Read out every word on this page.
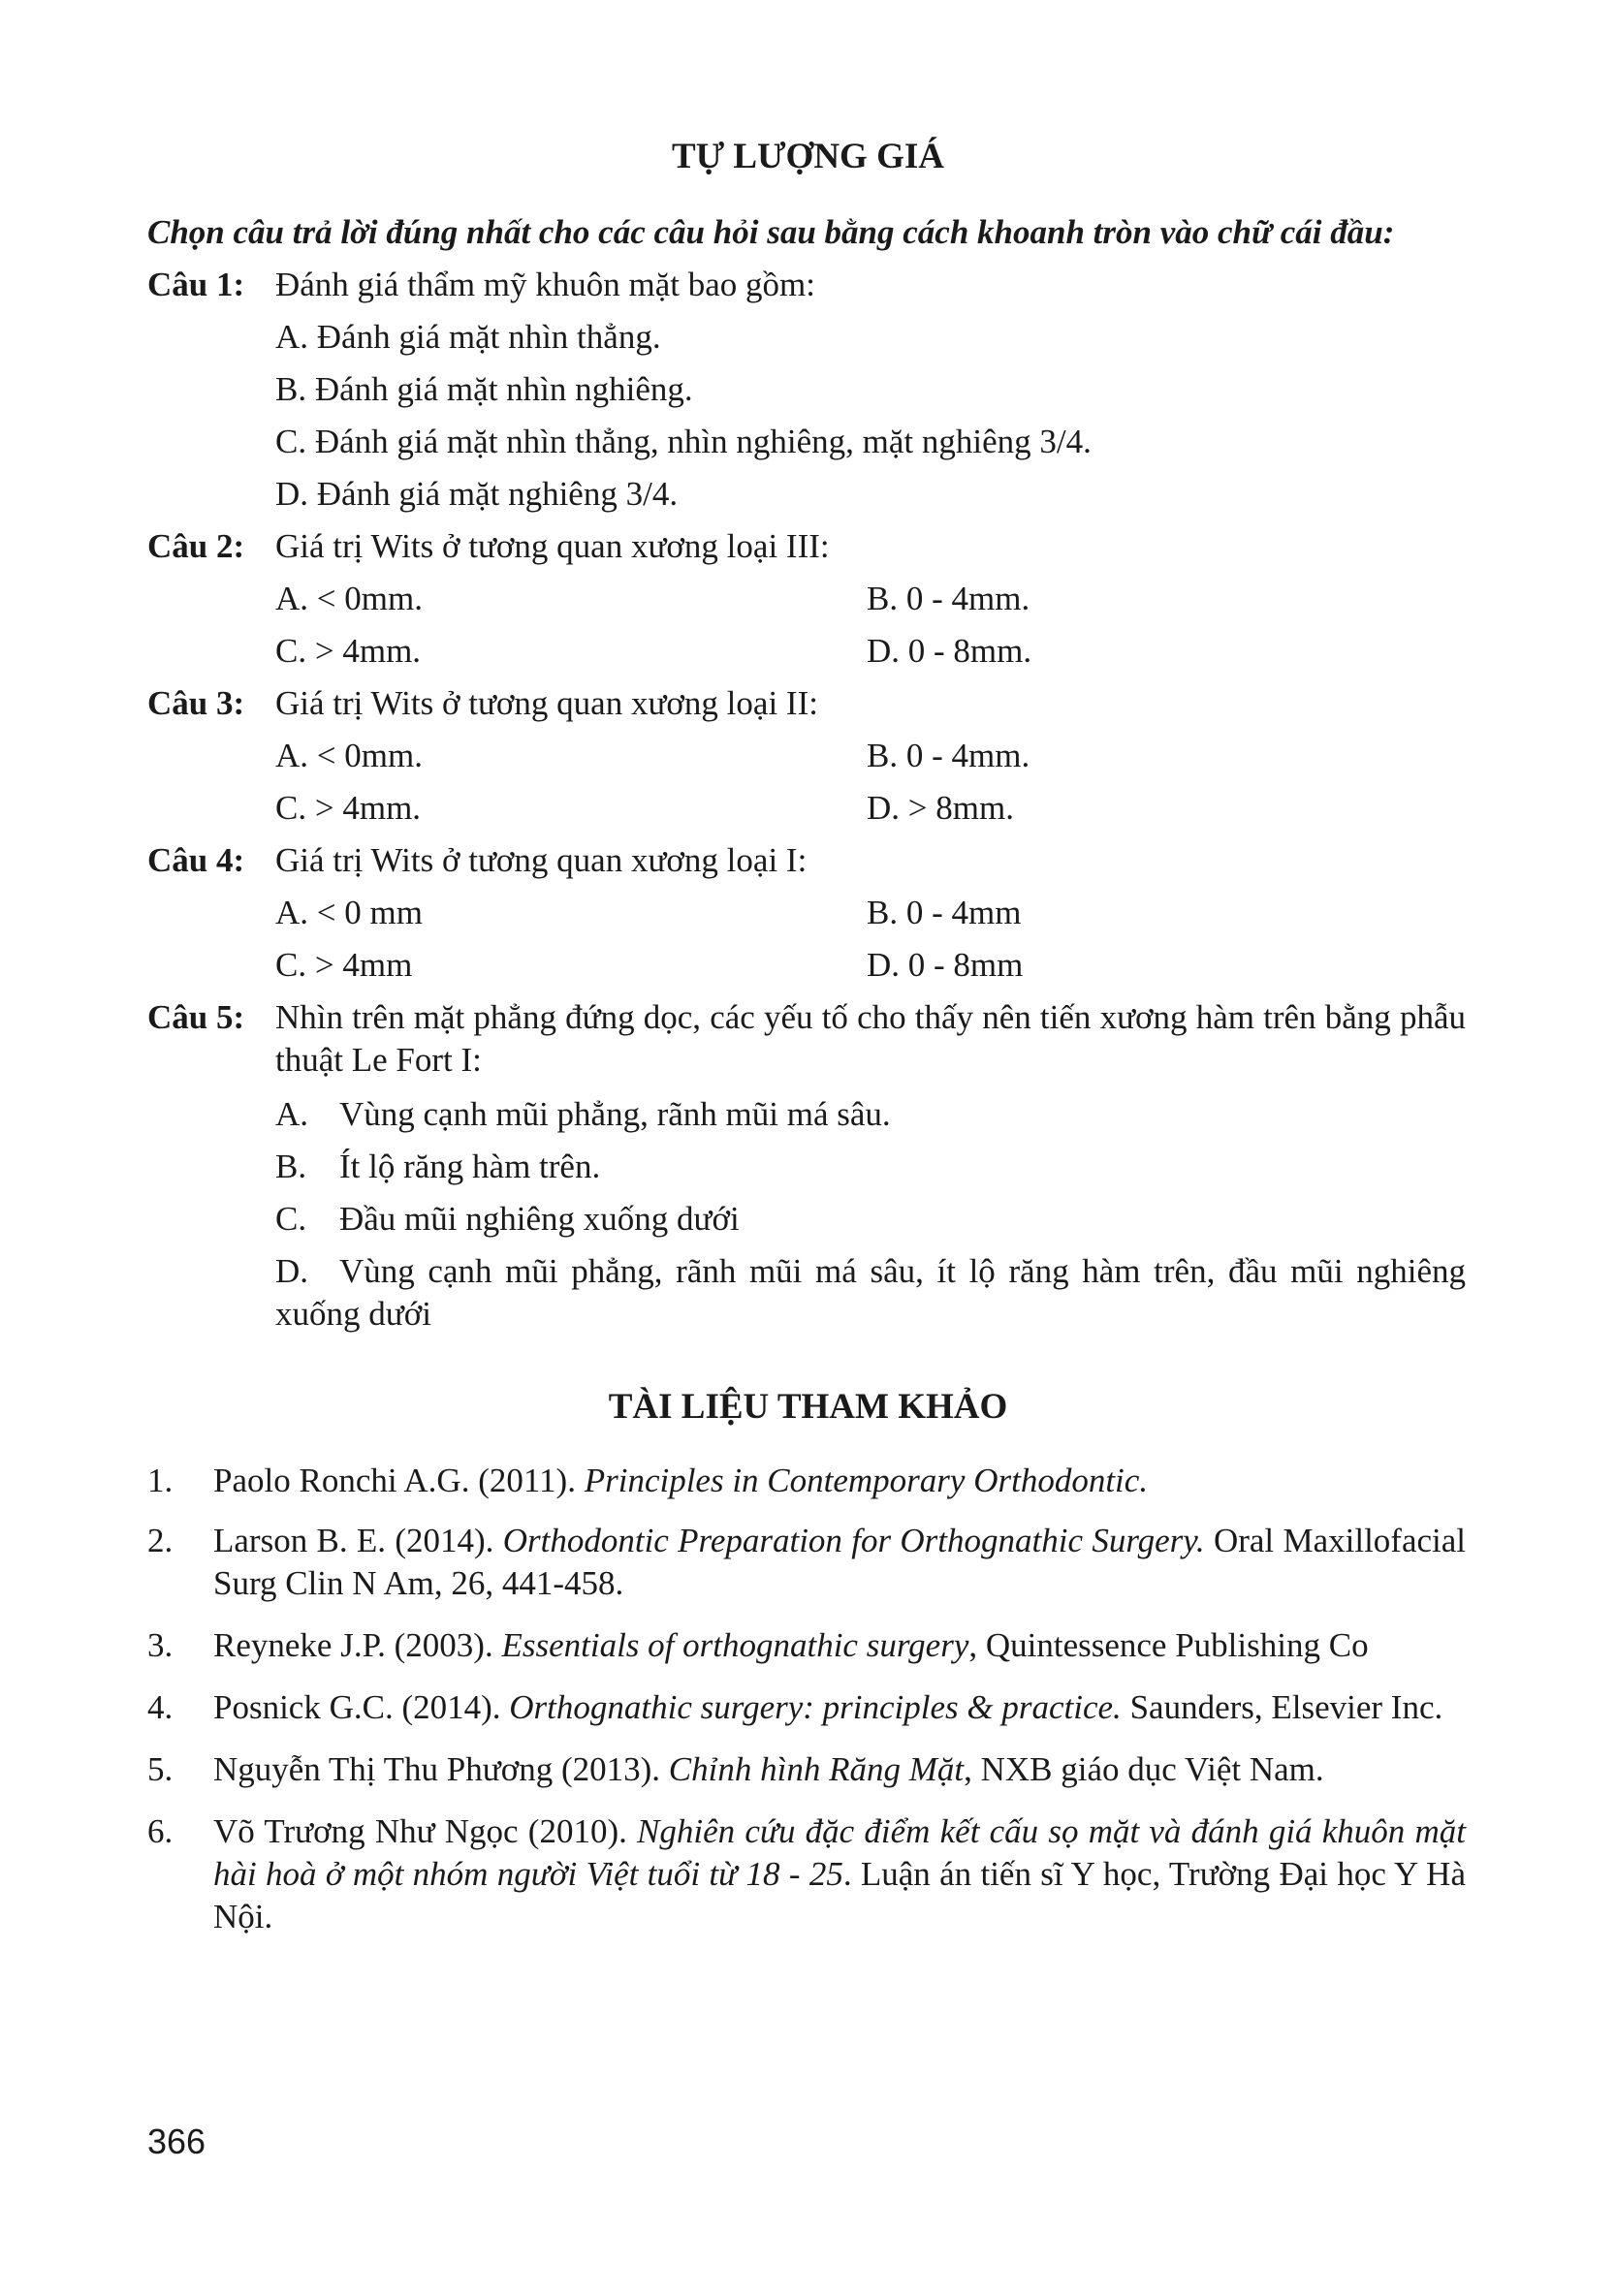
TỰ LƯỢNG GIÁ

Chọn câu trả lời đúng nhất cho các câu hỏi sau bằng cách khoanh tròn vào chữ cái đầu:

Câu 1: Đánh giá thẩm mỹ khuôn mặt bao gồm:

A. Đánh giá mặt nhìn thẳng.
B. Đánh giá mặt nhìn nghiêng.
C. Đánh giá mặt nhìn thẳng, nhìn nghiêng, mặt nghiêng 3/4.
D. Đánh giá mặt nghiêng 3/4.
Câu 2: Giá trị Wits ở tương quan xương loại III:

A. < 0mm.	B. 0 - 4mm.
C. > 4mm.	D. 0 - 8mm.
Câu 3: Giá trị Wits ở tương quan xương loại II:

A. < 0mm.	B. 0 - 4mm.
C. > 4mm.	D. > 8mm.
Câu 4: Giá trị Wits ở tương quan xương loại I:

A. < 0 mm	B. 0 - 4mm
C. > 4mm	D. 0 - 8mm
Câu 5: Nhìn trên mặt phẳng đứng dọc, các yếu tố cho thấy nên tiến xương hàm trên bằng phẫu thuật Le Fort I:

A. Vùng cạnh mũi phẳng, rãnh mũi má sâu.
B. Ít lộ răng hàm trên.
C. Đầu mũi nghiêng xuống dưới
D. Vùng cạnh mũi phẳng, rãnh mũi má sâu, ít lộ răng hàm trên, đầu mũi nghiêng xuống dưới
TÀI LIỆU THAM KHẢO
1. Paolo Ronchi A.G. (2011). Principles in Contemporary Orthodontic.

2. Larson B. E. (2014). Orthodontic Preparation for Orthognathic Surgery. Oral Maxillofacial Surg Clin N Am, 26, 441-458.

3. Reyneke J.P. (2003). Essentials of orthognathic surgery, Quintessence Publishing Co

4. Posnick G.C. (2014). Orthognathic surgery: principles & practice. Saunders, Elsevier Inc.

5. Nguyễn Thị Thu Phương (2013). Chỉnh hình Răng Mặt, NXB giáo dục Việt Nam.

6. Võ Trương Như Ngọc (2010). Nghiên cứu đặc điểm kết cấu sọ mặt và đánh giá khuôn mặt hài hoà ở một nhóm người Việt tuổi từ 18 - 25. Luận án tiến sĩ Y học, Trường Đại học Y Hà Nội.

366
